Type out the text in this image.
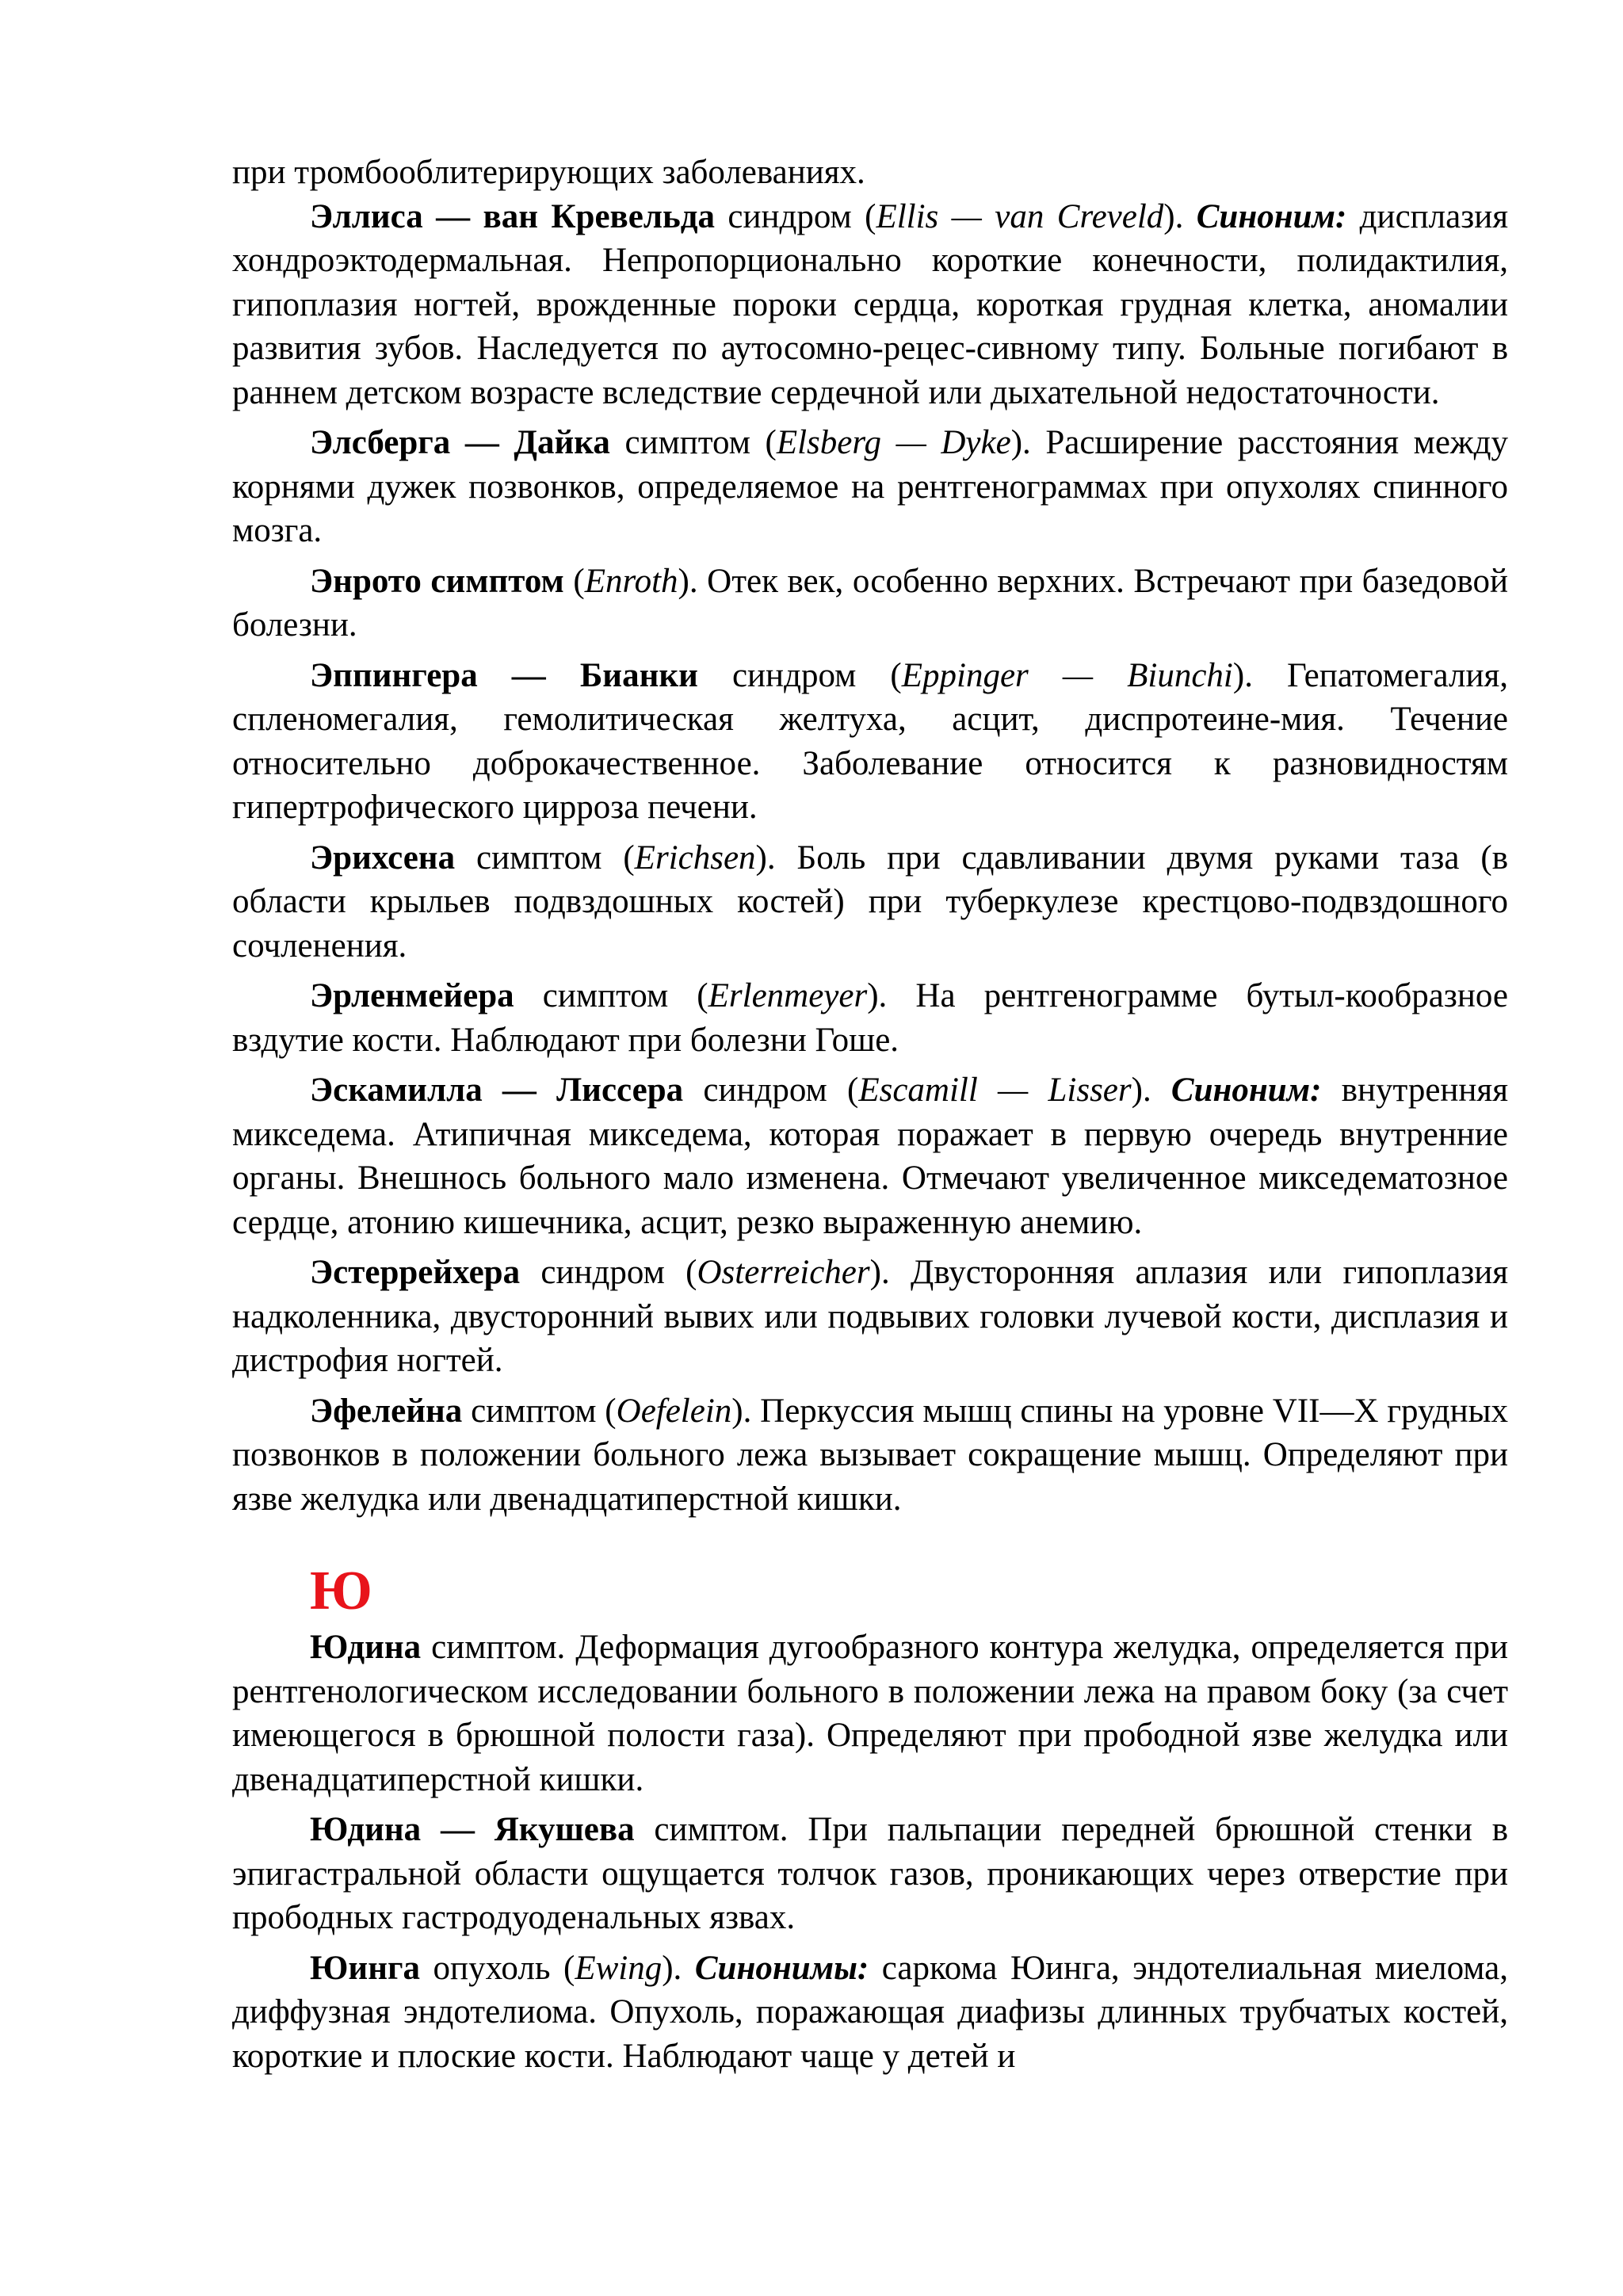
при тромбооблитерирующих заболеваниях.

Эллиса — ван Кревельда синдром (Ellis — van Creveld). Синоним: дисплазия хондроэктодермальная. Непропорционально короткие конечности, полидактилия, гипоплазия ногтей, врожденные пороки сердца, короткая грудная клетка, аномалии развития зубов. Наследуется по аутосомно-рецес-сивному типу. Больные погибают в раннем детском возрасте вследствие сердечной или дыхательной недостаточности.

Элсберга — Дайка симптом (Elsberg — Dyke). Расширение расстояния между корнями дужек позвонков, определяемое на рентгенограммах при опухолях спинного мозга.

Энрото симптом (Enroth). Отек век, особенно верхних. Встречают при базедовой болезни.

Эппингера — Бианки синдром (Eppinger — Biunchi). Гепатомегалия, спленомегалия, гемолитическая желтуха, асцит, диспротеине-мия. Течение относительно доброкачественное. Заболевание относится к разновидностям гипертрофического цирроза печени.

Эрихсена симптом (Erichsen). Боль при сдавливании двумя руками таза (в области крыльев подвздошных костей) при туберкулезе крестцово-подвздошного сочленения.

Эрленмейера симптом (Erlenmeyer). На рентгенограмме бутыл-кообразное вздутие кости. Наблюдают при болезни Гоше.

Эскамилла — Лиссера синдром (Escamill — Lisser). Синоним: внутренняя микседема. Атипичная микседема, которая поражает в первую очередь внутренние органы. Внешнось больного мало изменена. Отмечают увеличенное микседематозное сердце, атонию кишечника, асцит, резко выраженную анемию.

Эстеррейхера синдром (Osterreicher). Двусторонняя аплазия или гипоплазия надколенника, двусторонний вывих или подвывих головки лучевой кости, дисплазия и дистрофия ногтей.

Эфелейна симптом (Oefelein). Перкуссия мышц спины на уровне VII—X грудных позвонков в положении больного лежа вызывает сокращение мышц. Определяют при язве желудка или двенадцатиперстной кишки.

Ю

Юдина симптом. Деформация дугообразного контура желудка, определяется при рентгенологическом исследовании больного в положении лежа на правом боку (за счет имеющегося в брюшной полости газа). Определяют при прободной язве желудка или двенадцатиперстной кишки.

Юдина — Якушева симптом. При пальпации передней брюшной стенки в эпигастральной области ощущается толчок газов, проникающих через отверстие при прободных гастродуоденальных язвах.

Юинга опухоль (Ewing). Синонимы: саркома Юинга, эндотелиальная миелома, диффузная эндотелиома. Опухоль, поражающая диафизы длинных трубчатых костей, короткие и плоские кости. Наблюдают чаще у детей и
